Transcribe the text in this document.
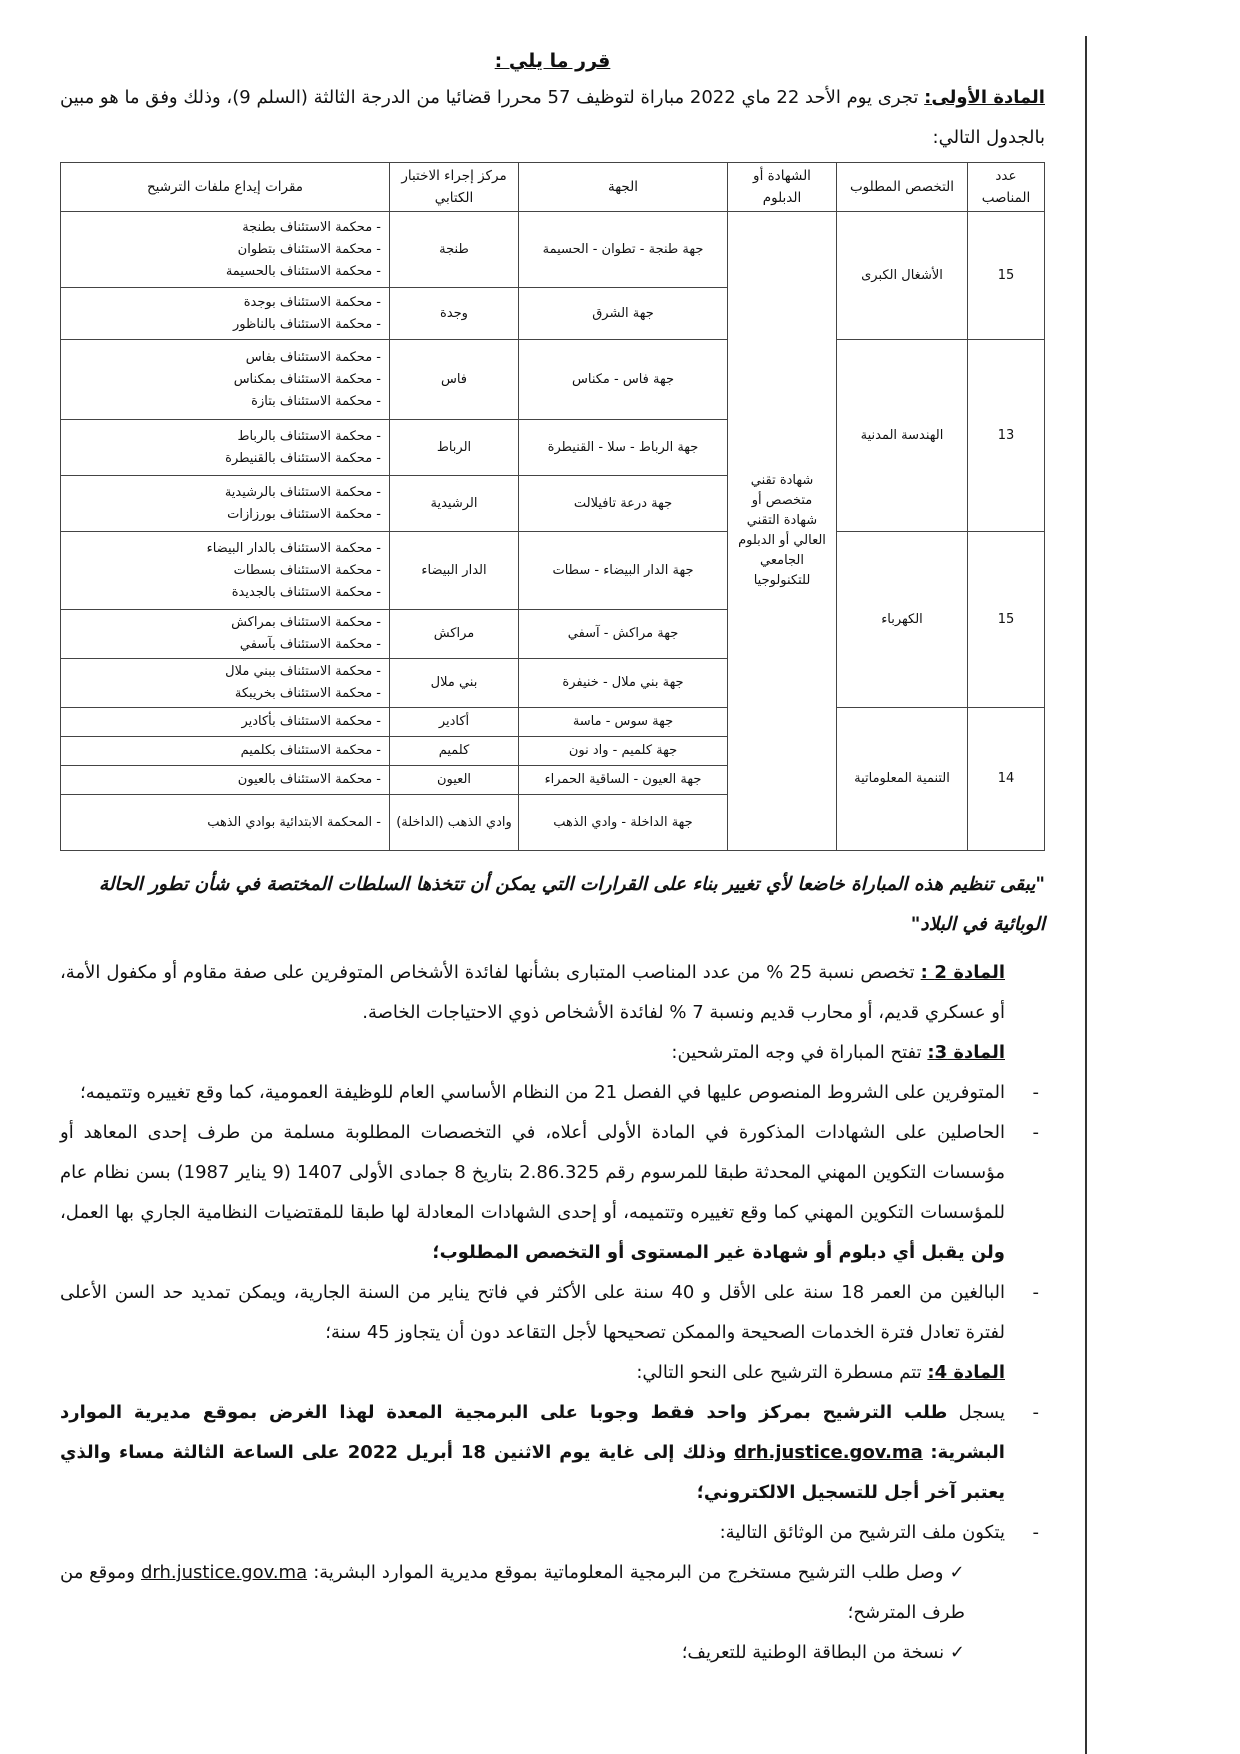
قرر ما يلي :

المادة الأولى: تجرى يوم الأحد 22 ماي 2022 مباراة لتوظيف 57 محررا قضائيا من الدرجة الثالثة (السلم 9)، وذلك وفق ما هو مبين بالجدول التالي:

عدد المناصب	التخصص المطلوب	الشهادة أو الدبلوم	الجهة	مركز إجراء الاختبار الكتابي	مقرات إيداع ملفات الترشيح
15	الأشغال الكبرى	شهادة تقني متخصص أو شهادة التقني العالي أو الدبلوم الجامعي للتكنولوجيا	جهة طنجة - تطوان - الحسيمة	طنجة	- محكمة الاستئناف بطنجة
- محكمة الاستئناف بتطوان
- محكمة الاستئناف بالحسيمة

			جهة الشرق	وجدة	- محكمة الاستئناف بوجدة
- محكمة الاستئناف بالناظور

13	الهندسة المدنية		جهة فاس - مكناس	فاس	- محكمة الاستئناف بفاس
- محكمة الاستئناف بمكناس
- محكمة الاستئناف بتازة

			جهة الرباط - سلا - القنيطرة	الرباط	- محكمة الاستئناف بالرباط
- محكمة الاستئناف بالقنيطرة

			جهة درعة تافيلالت	الرشيدية	- محكمة الاستئناف بالرشيدية
- محكمة الاستئناف بورزازات

15	الكهرباء		جهة الدار البيضاء - سطات	الدار البيضاء	- محكمة الاستئناف بالدار البيضاء
- محكمة الاستئناف بسطات
- محكمة الاستئناف بالجديدة

			جهة مراكش - آسفي	مراكش	- محكمة الاستئناف بمراكش
- محكمة الاستئناف بآسفي

			جهة بني ملال - خنيفرة	بني ملال	- محكمة الاستئناف ببني ملال
- محكمة الاستئناف بخريبكة

14	التنمية المعلوماتية		جهة سوس - ماسة	أكادير	- محكمة الاستئناف بأكادير

			جهة كلميم - واد نون	كلميم	- محكمة الاستئناف بكلميم

			جهة العيون - الساقية الحمراء	العيون	- محكمة الاستئناف بالعيون

			جهة الداخلة - وادي الذهب	وادي الذهب (الداخلة)	- المحكمة الابتدائية بوادي الذهب
"يبقى تنظيم هذه المباراة خاضعا لأي تغيير بناء على القرارات التي يمكن أن تتخذها السلطات المختصة في شأن تطور الحالة الوبائية في البلاد"

المادة 2 : تخصص نسبة 25 % من عدد المناصب المتبارى بشأنها لفائدة الأشخاص المتوفرين على صفة مقاوم أو مكفول الأمة، أو عسكري قديم، أو محارب قديم ونسبة 7 % لفائدة الأشخاص ذوي الاحتياجات الخاصة.

المادة 3: تفتح المباراة في وجه المترشحين:

- المتوفرين على الشروط المنصوص عليها في الفصل 21 من النظام الأساسي العام للوظيفة العمومية، كما وقع تغييره وتتميمه؛
- الحاصلين على الشهادات المذكورة في المادة الأولى أعلاه، في التخصصات المطلوبة مسلمة من طرف إحدى المعاهد أو مؤسسات التكوين المهني المحدثة طبقا للمرسوم رقم 2.86.325 بتاريخ 8 جمادى الأولى 1407 (9 يناير 1987) بسن نظام عام للمؤسسات التكوين المهني كما وقع تغييره وتتميمه، أو إحدى الشهادات المعادلة لها طبقا للمقتضيات النظامية الجاري بها العمل، ولن يقبل أي دبلوم أو شهادة غير المستوى أو التخصص المطلوب؛
- البالغين من العمر 18 سنة على الأقل و 40 سنة على الأكثر في فاتح يناير من السنة الجارية، ويمكن تمديد حد السن الأعلى لفترة تعادل فترة الخدمات الصحيحة والممكن تصحيحها لأجل التقاعد دون أن يتجاوز 45 سنة؛

المادة 4: تتم مسطرة الترشيح على النحو التالي:

- يسجل طلب الترشيح بمركز واحد فقط وجوبا على البرمجية المعدة لهذا الغرض بموقع مديرية الموارد البشرية: drh.justice.gov.ma وذلك إلى غاية يوم الاثنين 18 أبريل 2022 على الساعة الثالثة مساء والذي يعتبر آخر أجل للتسجيل الالكتروني؛
- يتكون ملف الترشيح من الوثائق التالية:
✓ وصل طلب الترشيح مستخرج من البرمجية المعلوماتية بموقع مديرية الموارد البشرية: drh.justice.gov.ma وموقع من طرف المترشح؛
✓ نسخة من البطاقة الوطنية للتعريف؛
